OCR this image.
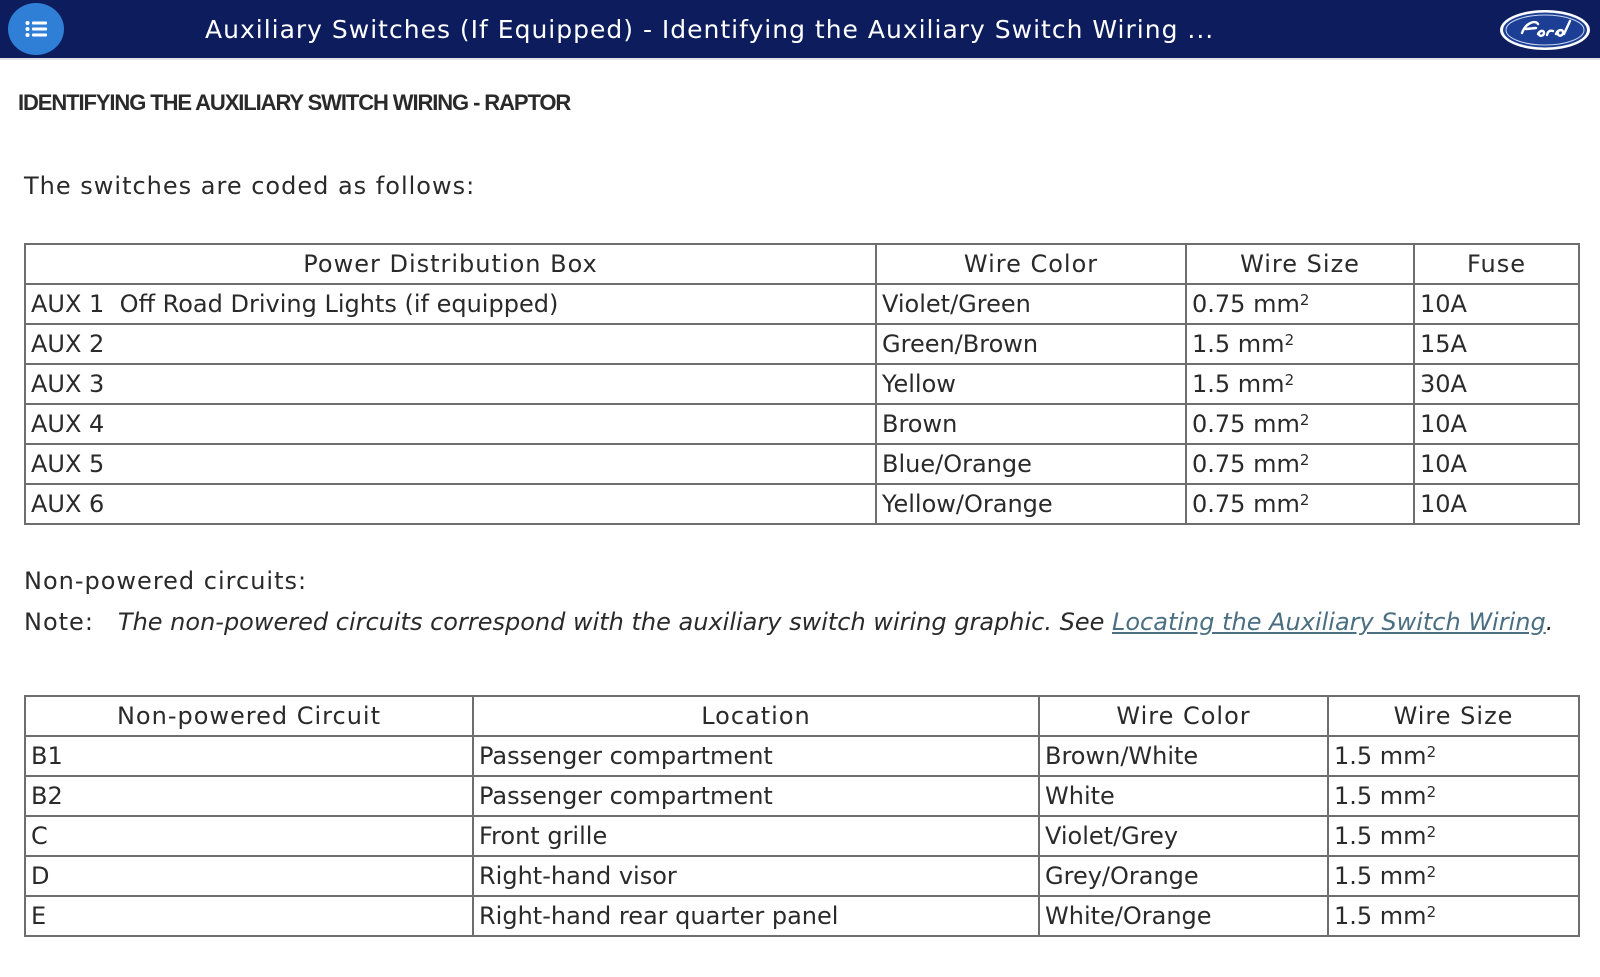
Auxiliary Switches (If Equipped) - Identifying the Auxiliary Switch Wiring ...
IDENTIFYING THE AUXILIARY SWITCH WIRING - RAPTOR
The switches are coded as follows:
Power Distribution Box	Wire Color	Wire Size	Fuse
AUX 1 Off Road Driving Lights (if equipped)	Violet/Green	0.75 $mm^2$	10A
AUX 2	Green/Brown	1.5 $mm^2$	15A
AUX 3	Yellow	1.5 $mm^2$	30A
AUX 4	Brown	0.75 $mm^2$	10A
AUX 5	Blue/Orange	0.75 $mm^2$	10A
AUX 6	Yellow/Orange	0.75 $mm^2$	10A
Non-powered circuits:
Note: The non-powered circuits correspond with the auxiliary switch wiring graphic. See Locating the Auxiliary Switch Wiring.
Non-powered Circuit	Location	Wire Color	Wire Size
B1	Passenger compartment	Brown/White	1.5 $mm^2$
B2	Passenger compartment	White	1.5 $mm^2$
C	Front grille	Violet/Grey	1.5 $mm^2$
D	Right-hand visor	Grey/Orange	1.5 $mm^2$
E	Right-hand rear quarter panel	White/Orange	1.5 $mm^2$
